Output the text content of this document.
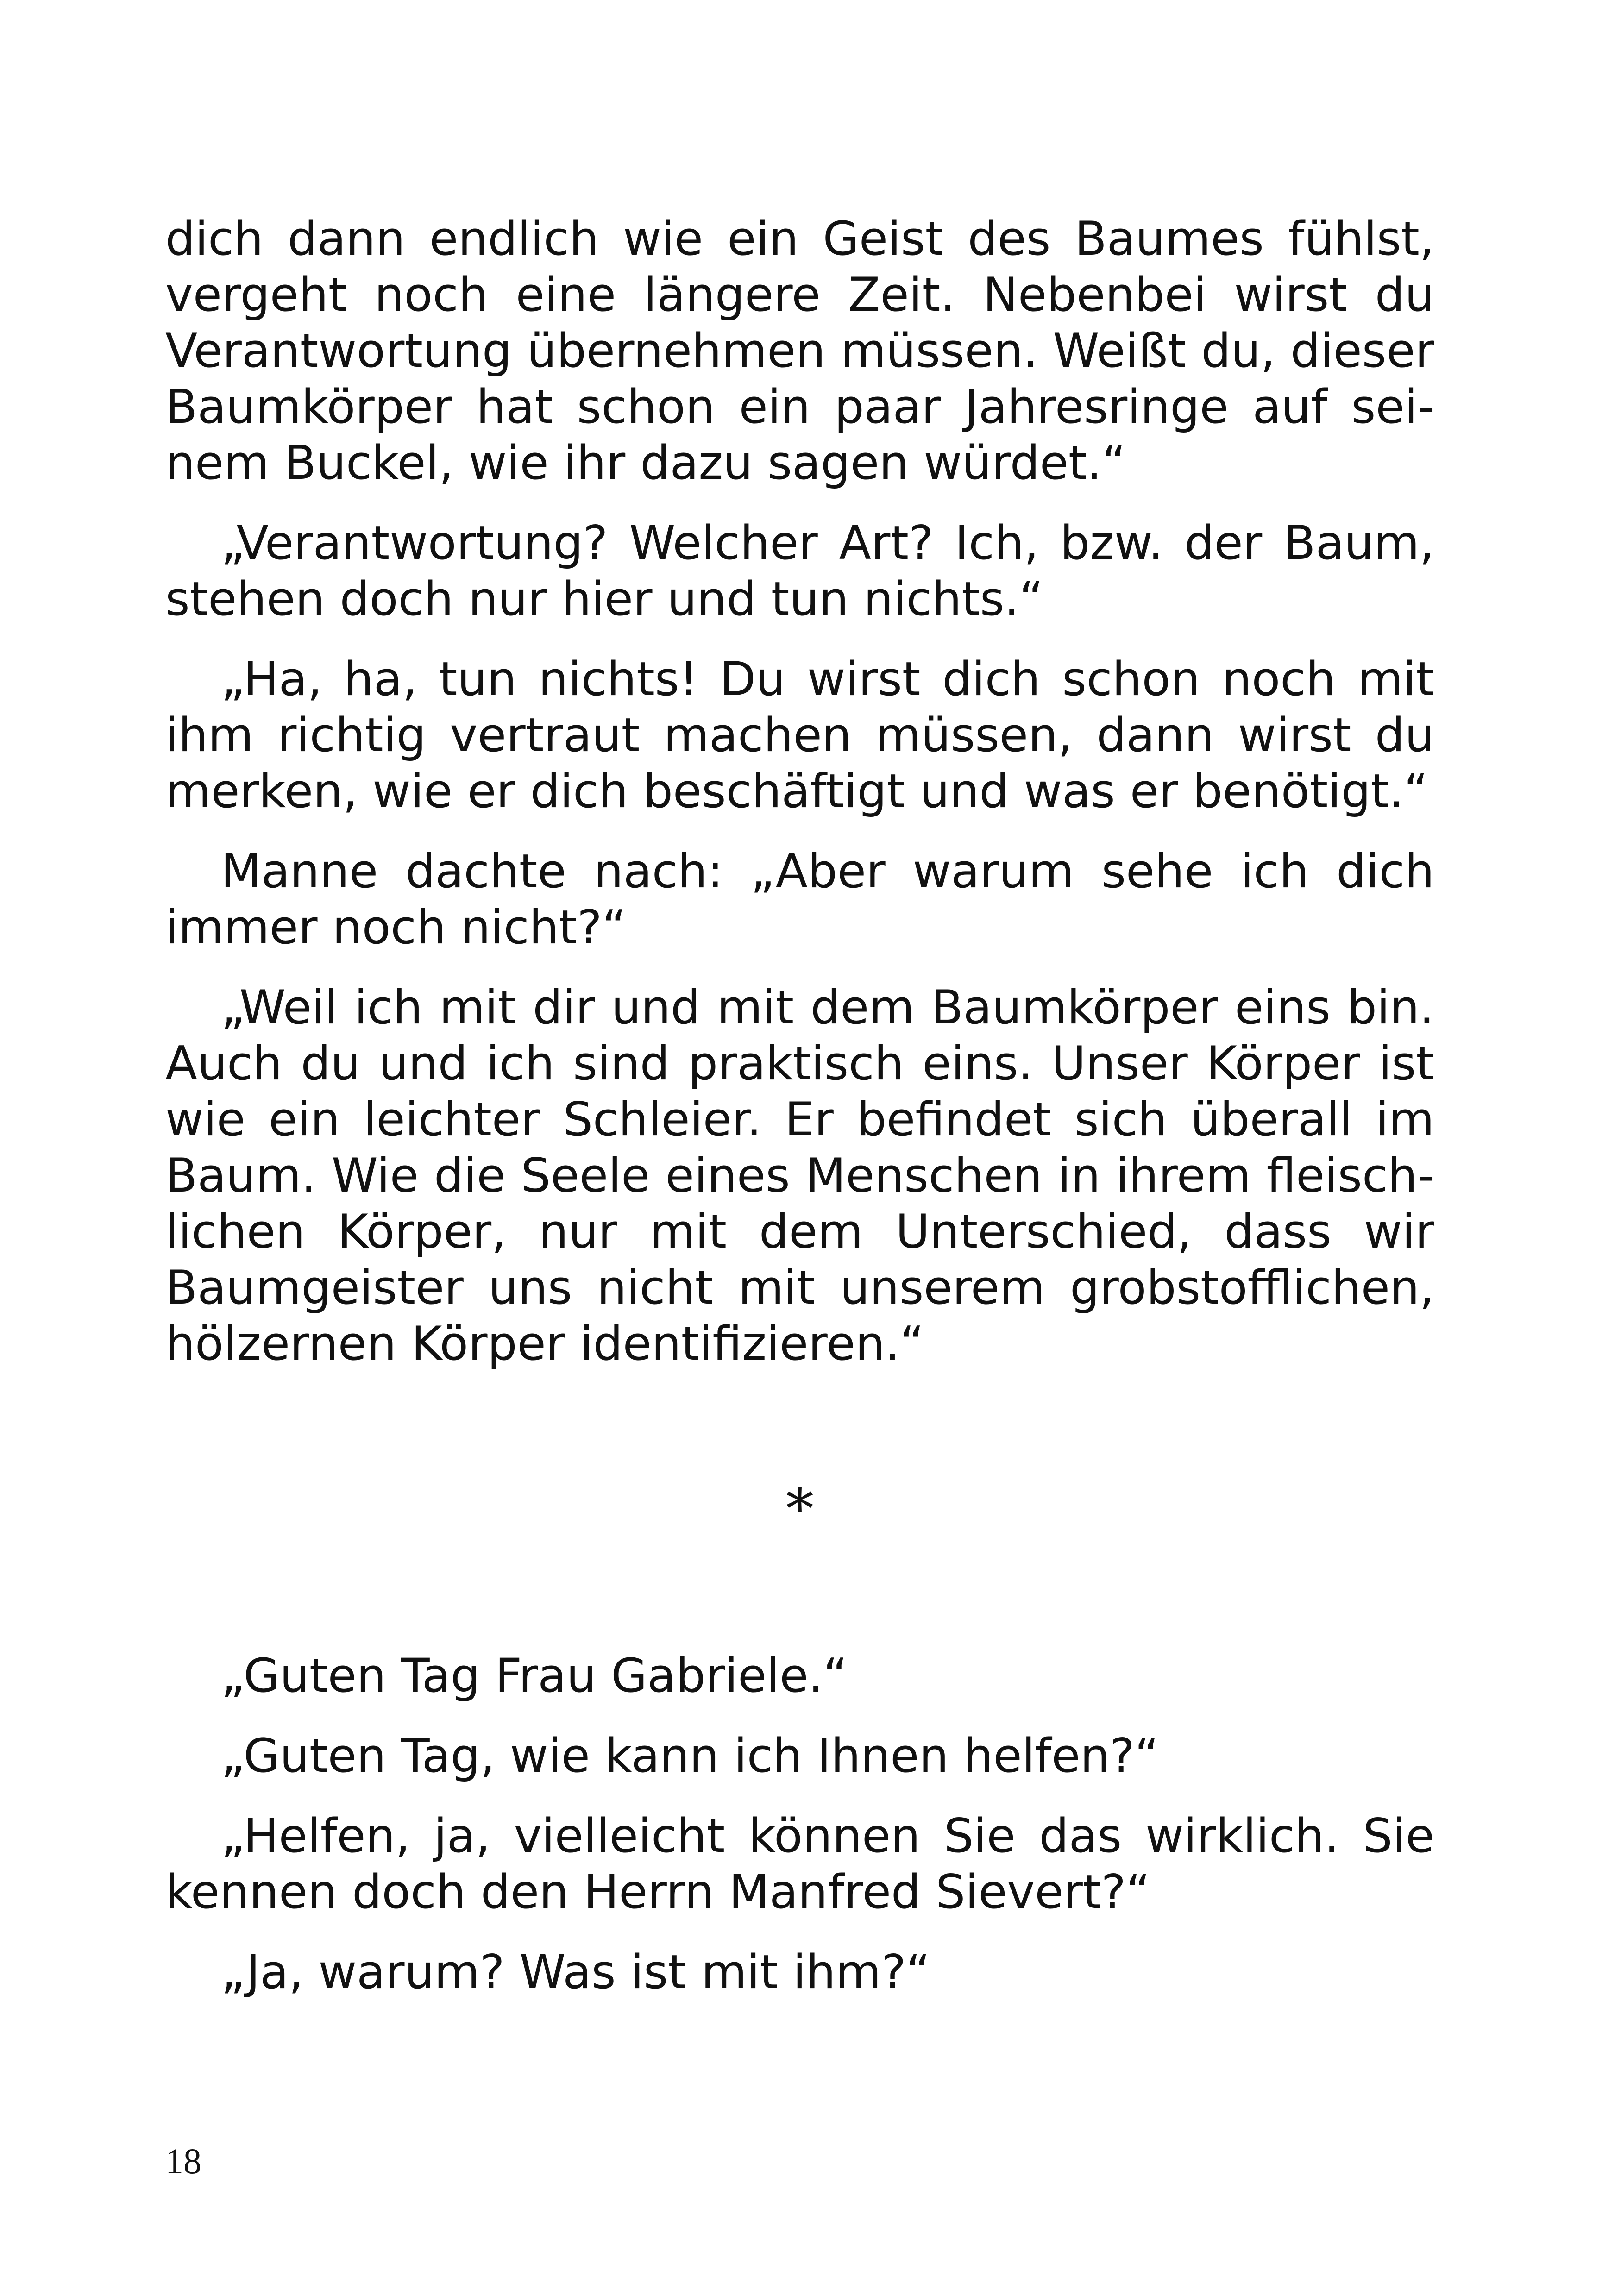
dich dann endlich wie ein Geist des Baumes fühlst, vergeht noch eine längere Zeit. Nebenbei wirst du Verantwortung übernehmen müssen. Weißt du, dieser Baumkörper hat schon ein paar Jahresringe auf seinem Buckel, wie ihr dazu sagen würdet.“

„Verantwortung? Welcher Art? Ich, bzw. der Baum, stehen doch nur hier und tun nichts.“

„Ha, ha, tun nichts! Du wirst dich schon noch mit ihm richtig vertraut machen müssen, dann wirst du merken, wie er dich beschäftigt und was er benötigt.“

Manne dachte nach: „Aber warum sehe ich dich immer noch nicht?“

„Weil ich mit dir und mit dem Baumkörper eins bin. Auch du und ich sind praktisch eins. Unser Körper ist wie ein leichter Schleier. Er befindet sich überall im Baum. Wie die Seele eines Menschen in ihrem fleischlichen Körper, nur mit dem Unterschied, dass wir Baumgeister uns nicht mit unserem grobstofflichen, hölzernen Körper identifizieren.“

*

„Guten Tag Frau Gabriele.“

„Guten Tag, wie kann ich Ihnen helfen?“

„Helfen, ja, vielleicht können Sie das wirklich. Sie kennen doch den Herrn Manfred Sievert?“

„Ja, warum? Was ist mit ihm?“

18
